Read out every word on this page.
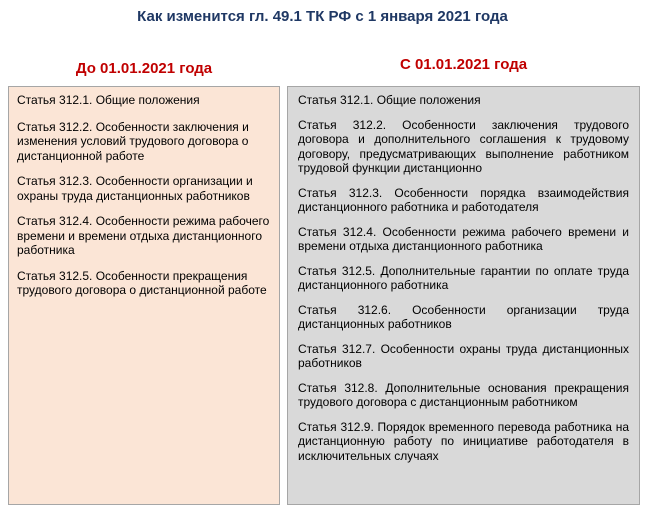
Как изменится гл. 49.1 ТК РФ с 1 января 2021 года
До 01.01.2021 года	С 01.01.2021 года
Статья 312.1. Общие положения
Статья 312.2. Особенности заключения и изменения условий трудового договора о дистанционной работе
Статья 312.3. Особенности организации и охраны труда дистанционных работников
Статья 312.4. Особенности режима рабочего времени и времени отдыха дистанционного работника
Статья 312.5. Особенности прекращения трудового договора о дистанционной работе
Статья 312.1. Общие положения
Статья 312.2. Особенности заключения трудового договора и дополнительного соглашения к трудовому договору, предусматривающих выполнение работником трудовой функции дистанционно
Статья 312.3. Особенности порядка взаимодействия дистанционного работника и работодателя
Статья 312.4. Особенности режима рабочего времени и времени отдыха дистанционного работника
Статья 312.5. Дополнительные гарантии по оплате труда дистанционного работника
Статья 312.6. Особенности организации труда дистанционных работников
Статья 312.7. Особенности охраны труда дистанционных работников
Статья 312.8. Дополнительные основания прекращения трудового договора с дистанционным работником
Статья 312.9. Порядок временного перевода работника на дистанционную работу по инициативе работодателя в исключительных случаях
